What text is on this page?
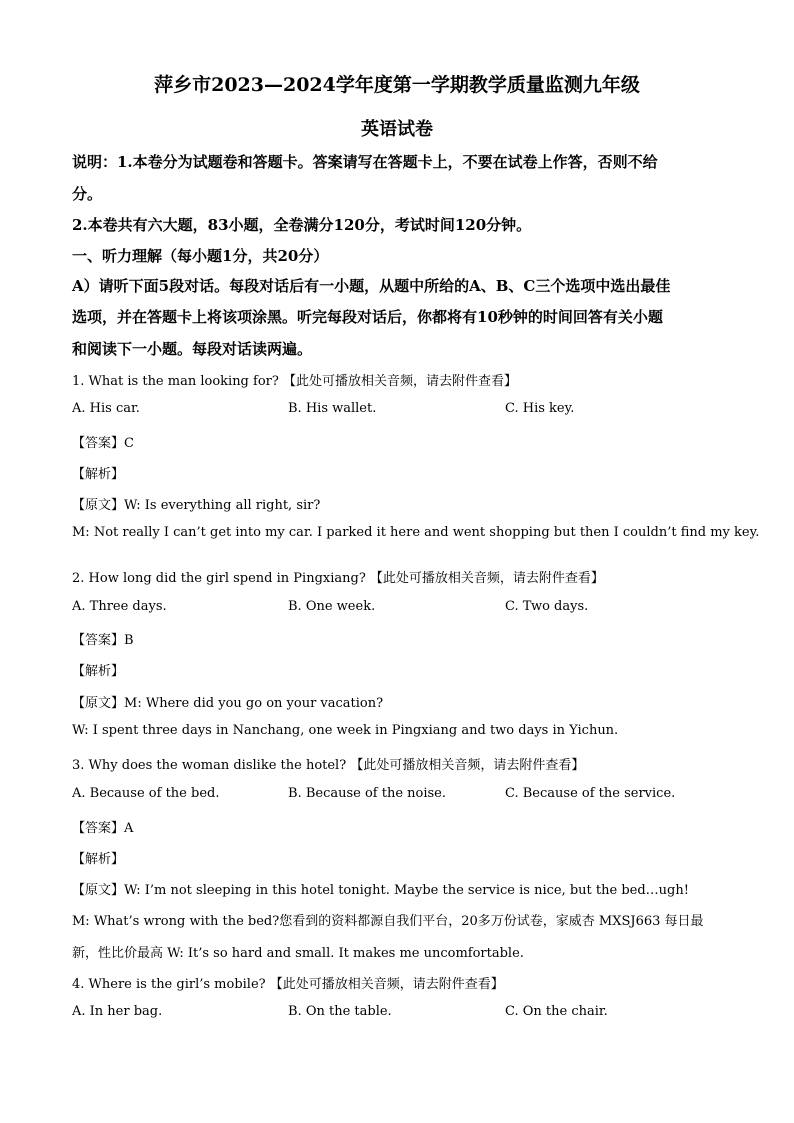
萍乡市2023—2024学年度第一学期教学质量监测九年级
英语试卷
说明：1.本卷分为试题卷和答题卡。答案请写在答题卡上，不要在试卷上作答，否则不给
分。
2.本卷共有六大题，83小题，全卷满分120分，考试时间120分钟。
一、听力理解（每小题1分，共20分）
A）请听下面5段对话。每段对话后有一小题，从题中所给的A、B、C三个选项中选出最佳
选项，并在答题卡上将该项涂黑。听完每段对话后，你都将有10秒钟的时间回答有关小题
和阅读下一小题。每段对话读两遍。
1. What is the man looking for? 【此处可播放相关音频，请去附件查看】
A. His car.	B. His wallet.	C. His key.
【答案】C
【解析】
【原文】W: Is everything all right, sir?
M: Not really I can’t get into my car. I parked it here and went shopping but then I couldn’t find my key.
2. How long did the girl spend in Pingxiang? 【此处可播放相关音频，请去附件查看】
A. Three days.	B. One week.	C. Two days.
【答案】B
【解析】
【原文】M: Where did you go on your vacation?
W: I spent three days in Nanchang, one week in Pingxiang and two days in Yichun.
3. Why does the woman dislike the hotel? 【此处可播放相关音频，请去附件查看】
A. Because of the bed.	B. Because of the noise.	C. Because of the service.
【答案】A
【解析】
【原文】W: I’m not sleeping in this hotel tonight. Maybe the service is nice, but the bed…ugh!
M: What’s wrong with the bed?您看到的资料都源自我们平台，20多万份试卷，家威杏 MXSJ663 每日最
新，性比价最高 W: It’s so hard and small. It makes me uncomfortable.
4. Where is the girl’s mobile? 【此处可播放相关音频，请去附件查看】
A. In her bag.	B. On the table.	C. On the chair.
